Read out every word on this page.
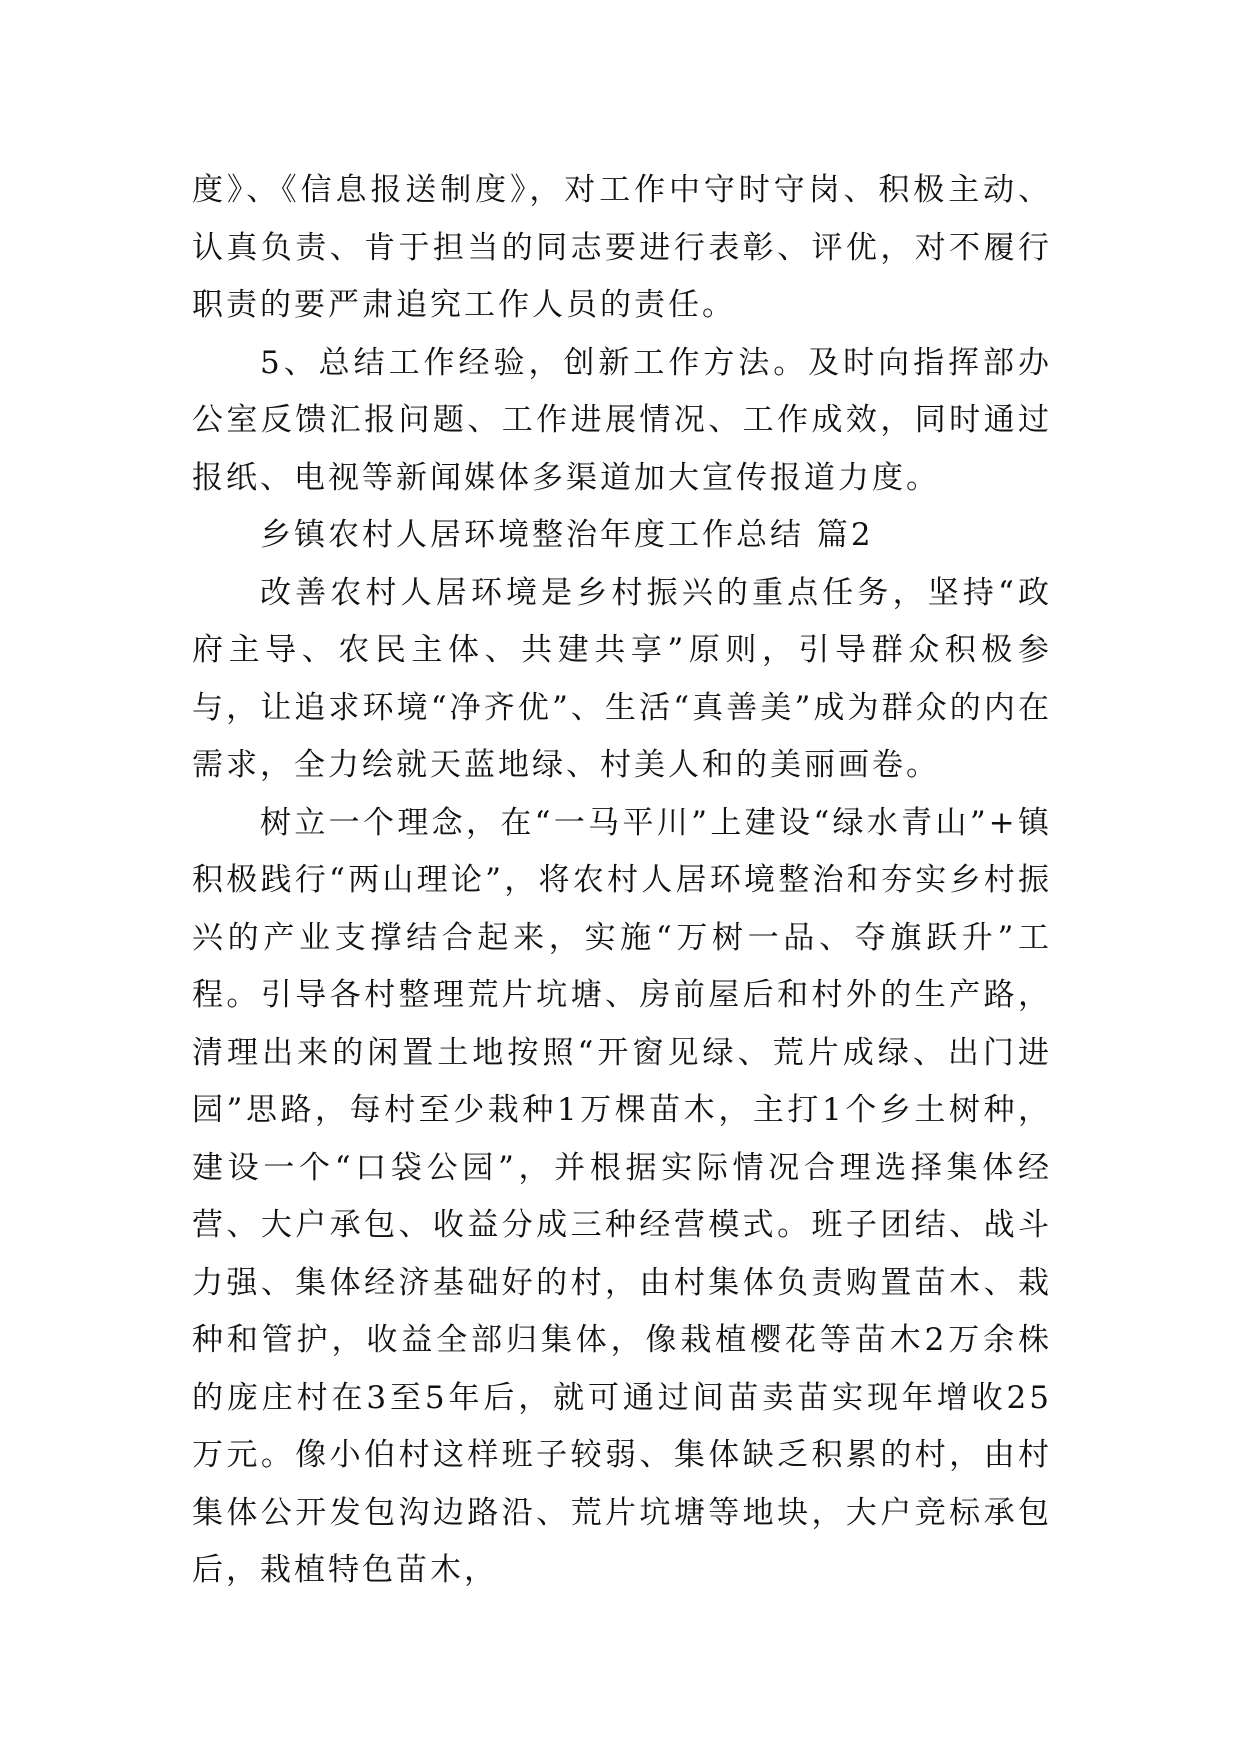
度》、《信息报送制度》，对工作中守时守岗、积极主动、认真负责、肯于担当的同志要进行表彰、评优，对不履行职责的要严肃追究工作人员的责任。

5、总结工作经验，创新工作方法。及时向指挥部办公室反馈汇报问题、工作进展情况、工作成效，同时通过报纸、电视等新闻媒体多渠道加大宣传报道力度。

乡镇农村人居环境整治年度工作总结 篇2

改善农村人居环境是乡村振兴的重点任务，坚持“政府主导、农民主体、共建共享”原则，引导群众积极参与，让追求环境“净齐优”、生活“真善美”成为群众的内在需求，全力绘就天蓝地绿、村美人和的美丽画卷。

树立一个理念，在“一马平川”上建设“绿水青山”+镇积极践行“两山理论”，将农村人居环境整治和夯实乡村振兴的产业支撑结合起来，实施“万树一品、夺旗跃升”工程。引导各村整理荒片坑塘、房前屋后和村外的生产路，清理出来的闲置土地按照“开窗见绿、荒片成绿、出门进园”思路，每村至少栽种1万棵苗木，主打1个乡土树种，建设一个“口袋公园”，并根据实际情况合理选择集体经营、大户承包、收益分成三种经营模式。班子团结、战斗力强、集体经济基础好的村，由村集体负责购置苗木、栽种和管护，收益全部归集体，像栽植樱花等苗木2万余株的庞庄村在3至5年后，就可通过间苗卖苗实现年增收25万元。像小伯村这样班子较弱、集体缺乏积累的村，由村集体公开发包沟边路沿、荒片坑塘等地块，大户竞标承包后，栽植特色苗木，
